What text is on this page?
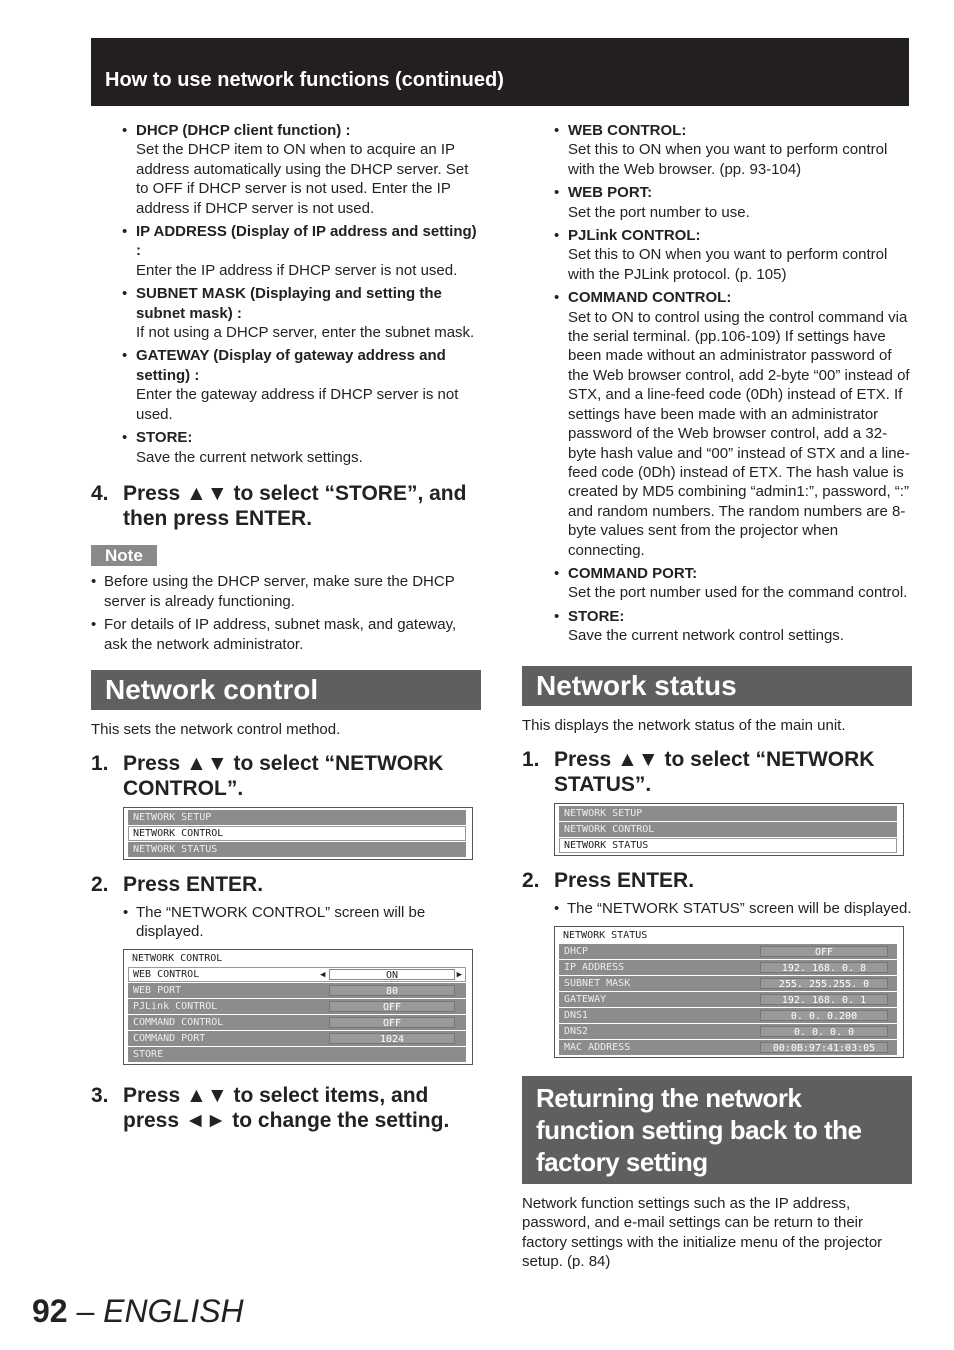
How to use network functions (continued)
• DHCP (DHCP client function) :
Set the DHCP item to ON when to acquire an IP address automatically using the DHCP server. Set to OFF if DHCP server is not used. Enter the IP address if DHCP server is not used.
• IP ADDRESS (Display of IP address and setting) :
Enter the IP address if DHCP server is not used.
• SUBNET MASK (Displaying and setting the subnet mask) :
If not using a DHCP server, enter the subnet mask.
• GATEWAY (Display of gateway address and setting) :
Enter the gateway address if DHCP server is not used.
• STORE:
Save the current network settings.
4. Press ▲▼ to select “STORE”, and then press ENTER.
Note
• Before using the DHCP server, make sure the DHCP server is already functioning.
• For details of IP address, subnet mask, and gateway, ask the network administrator.
Network control
This sets the network control method.
1. Press ▲▼ to select “NETWORK CONTROL”.
NETWORK SETUP
NETWORK CONTROL
NETWORK STATUS
2. Press ENTER.
• The “NETWORK CONTROL” screen will be displayed.
NETWORK CONTROL
WEB CONTROL	◀	ON	▶
WEB PORT	80
PJLink CONTROL	OFF
COMMAND CONTROL	OFF
COMMAND PORT	1024
STORE
3. Press ▲▼ to select items, and press ◄► to change the setting.
• WEB CONTROL:
Set this to ON when you want to perform control with the Web browser. (pp. 93-104)
• WEB PORT:
Set the port number to use.
• PJLink CONTROL:
Set this to ON when you want to perform control with the PJLink protocol. (p. 105)
• COMMAND CONTROL:
Set to ON to control using the control command via the serial terminal. (pp.106-109) If settings have been made without an administrator password of the Web browser control, add 2-byte “00” instead of STX, and a line-feed code (0Dh) instead of ETX. If settings have been made with an administrator password of the Web browser control, add a 32-byte hash value and “00” instead of STX and a line-feed code (0Dh) instead of ETX. The hash value is created by MD5 combining “admin1:”, password, “:” and random numbers. The random numbers are 8-byte values sent from the projector when connecting.
• COMMAND PORT:
Set the port number used for the command control.
• STORE:
Save the current network control settings.
Network status
This displays the network status of the main unit.
1. Press ▲▼ to select “NETWORK STATUS”.
NETWORK SETUP
NETWORK CONTROL
NETWORK STATUS
2. Press ENTER.
• The “NETWORK STATUS” screen will be displayed.
NETWORK STATUS
DHCP	OFF
IP ADDRESS	192. 168. 0. 8
SUBNET MASK	255. 255.255. 0
GATEWAY	192. 168. 0. 1
DNS1	0. 0. 0.200
DNS2	0. 0. 0. 0
MAC ADDRESS	00:0B:97:41:03:05
Returning the network function setting back to the factory setting
Network function settings such as the IP address, password, and e-mail settings can be return to their factory settings with the initialize menu of the projector setup. (p. 84)
92 – ENGLISH
